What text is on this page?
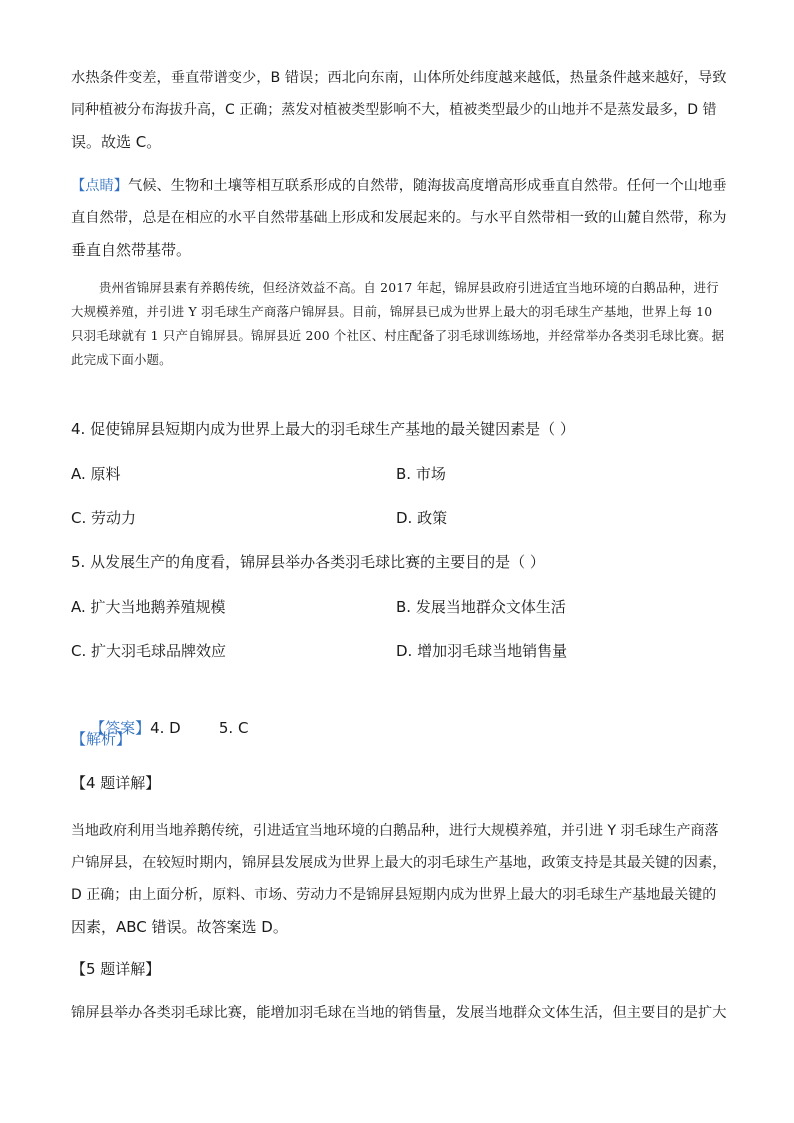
水热条件变差，垂直带谱变少，B 错误；西北向东南，山体所处纬度越来越低，热量条件越来越好，导致
同种植被分布海拔升高，C 正确；蒸发对植被类型影响不大，植被类型最少的山地并不是蒸发最多，D 错
误。故选 C。
【点睛】气候、生物和土壤等相互联系形成的自然带，随海拔高度增高形成垂直自然带。任何一个山地垂
直自然带，总是在相应的水平自然带基础上形成和发展起来的。与水平自然带相一致的山麓自然带，称为
垂直自然带基带。
贵州省锦屏县素有养鹅传统，但经济效益不高。自 2017 年起，锦屏县政府引进适宜当地环境的白鹅品种，进行大规模养殖，并引进 Y 羽毛球生产商落户锦屏县。目前，锦屏县已成为世界上最大的羽毛球生产基地，世界上每 10 只羽毛球就有 1 只产自锦屏县。锦屏县近 200 个社区、村庄配备了羽毛球训练场地，并经常举办各类羽毛球比赛。据此完成下面小题。
4. 促使锦屏县短期内成为世界上最大的羽毛球生产基地的最关键因素是（ ）
A. 原料	B. 市场
C. 劳动力	D. 政策
5. 从发展生产的角度看，锦屏县举办各类羽毛球比赛的主要目的是（ ）
A. 扩大当地鹅养殖规模	B. 发展当地群众文体生活
C. 扩大羽毛球品牌效应	D. 增加羽毛球当地销售量

【答案】4. D        5. C

【解析】
【4 题详解】
当地政府利用当地养鹅传统，引进适宜当地环境的白鹅品种，进行大规模养殖，并引进 Y 羽毛球生产商落
户锦屏县，在较短时期内，锦屏县发展成为世界上最大的羽毛球生产基地，政策支持是其最关键的因素，
D 正确；由上面分析，原料、市场、劳动力不是锦屏县短期内成为世界上最大的羽毛球生产基地最关键的
因素，ABC 错误。故答案选 D。
【5 题详解】
锦屏县举办各类羽毛球比赛，能增加羽毛球在当地的销售量，发展当地群众文体生活，但主要目的是扩大
